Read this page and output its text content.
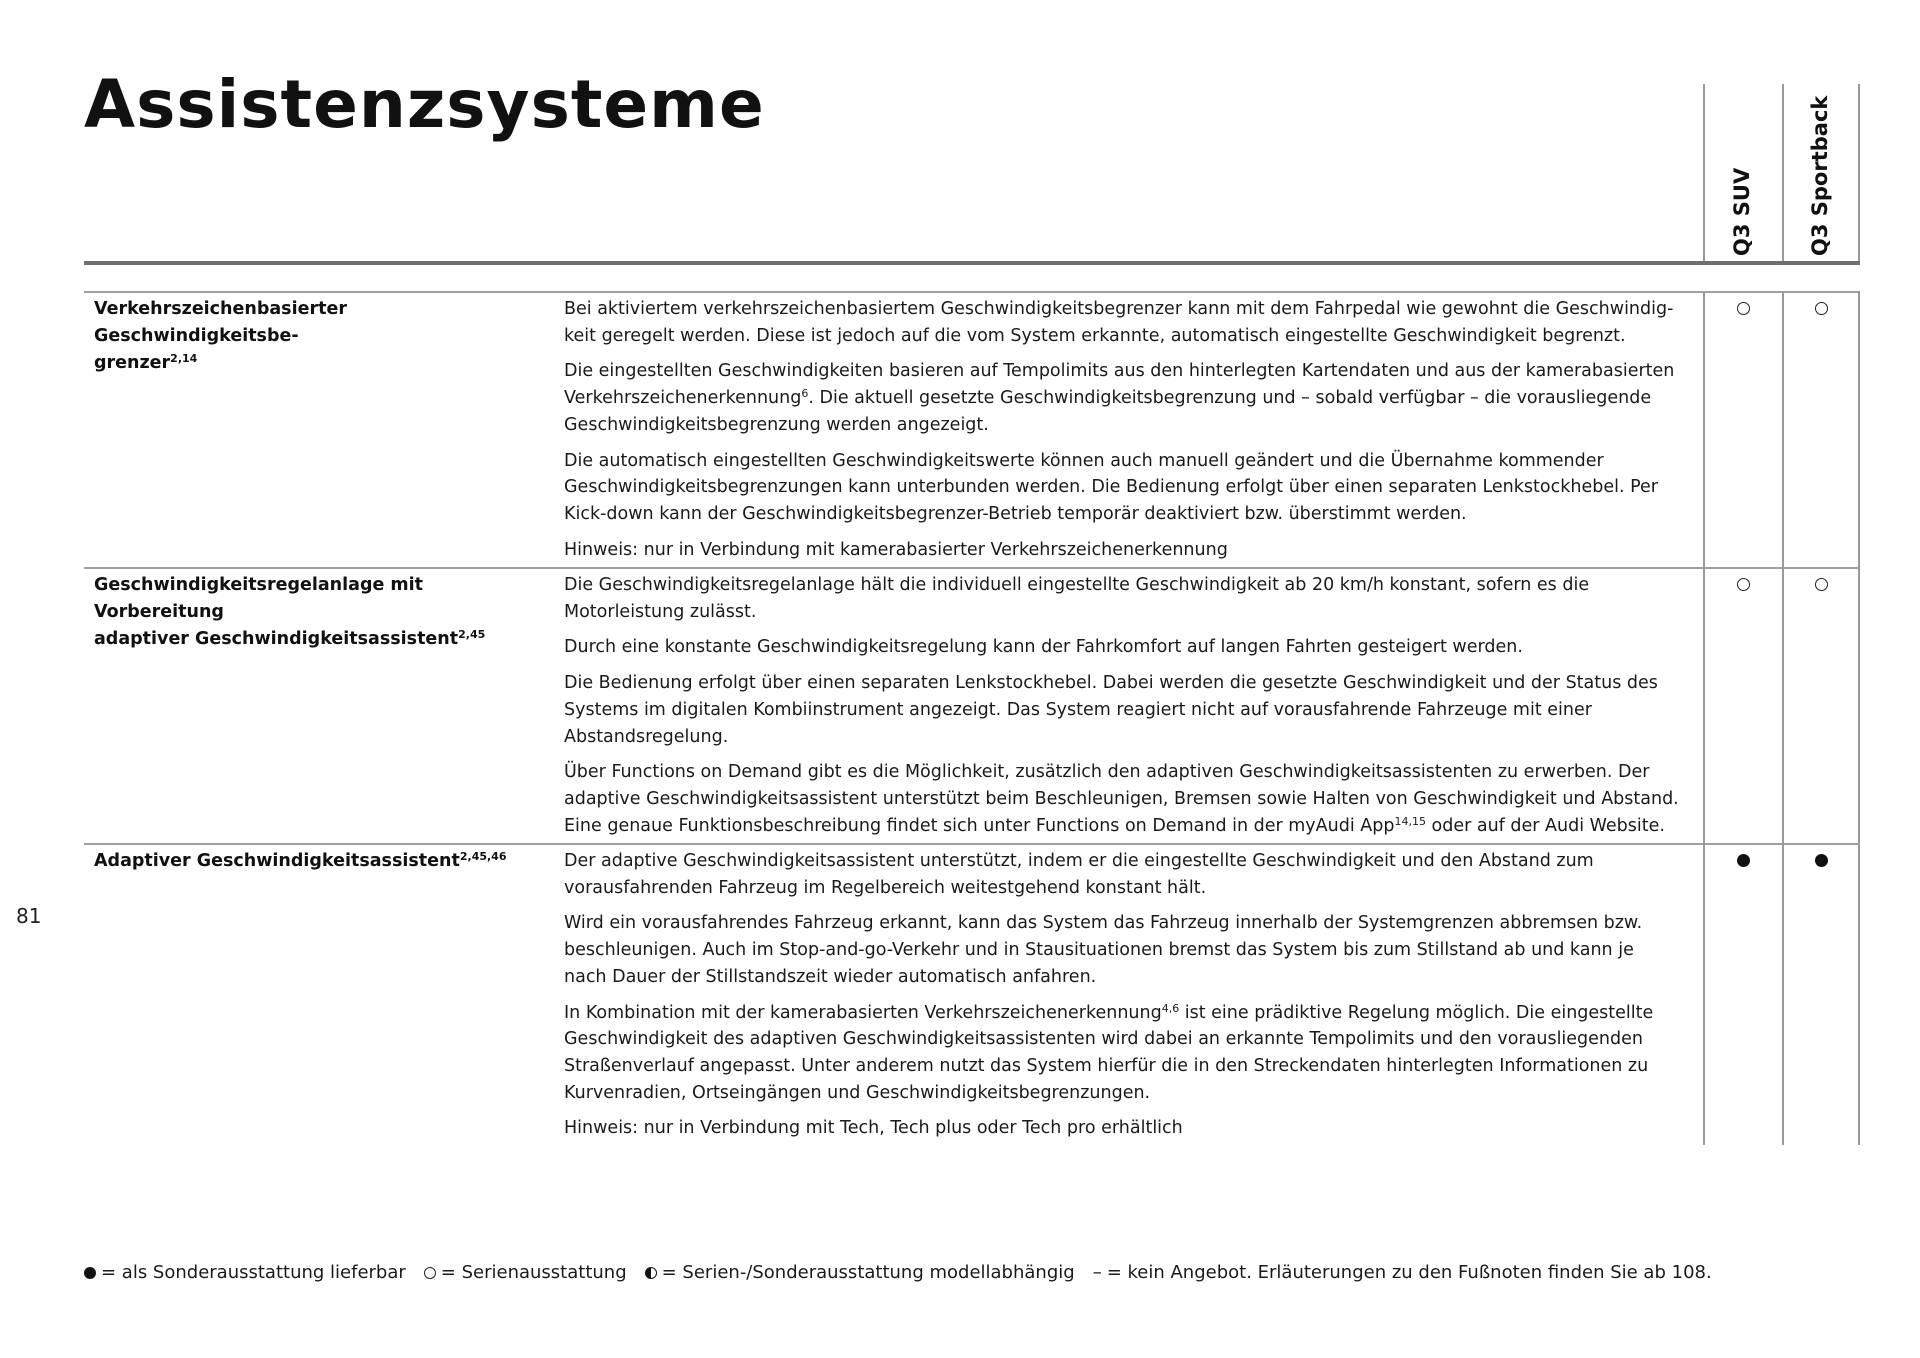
Assistenzsysteme
Q3 SUV	Q3 Sportback
Verkehrszeichenbasierter Geschwindigkeitsbe-
grenzer$^{2,14}$

Bei aktiviertem verkehrszeichenbasiertem Geschwindigkeitsbegrenzer kann mit dem Fahrpedal wie gewohnt die Geschwindig-keit geregelt werden. Diese ist jedoch auf die vom System erkannte, automatisch eingestellte Geschwindigkeit begrenzt.

Die eingestellten Geschwindigkeiten basieren auf Tempolimits aus den hinterlegten Kartendaten und aus der kamerabasierten Verkehrszeichenerkennung$^6$. Die aktuell gesetzte Geschwindigkeitsbegrenzung und – sobald verfügbar – die vorausliegende Geschwindigkeitsbegrenzung werden angezeigt.

Die automatisch eingestellten Geschwindigkeitswerte können auch manuell geändert und die Übernahme kommender Geschwindigkeitsbegrenzungen kann unterbunden werden. Die Bedienung erfolgt über einen separaten Lenkstockhebel. Per Kick-down kann der Geschwindigkeitsbegrenzer-Betrieb temporär deaktiviert bzw. überstimmt werden.

Hinweis: nur in Verbindung mit kamerabasierter Verkehrszeichenerkennung

Geschwindigkeitsregelanlage mit Vorbereitung
adaptiver Geschwindigkeitsassistent$^{2,45}$

Die Geschwindigkeitsregelanlage hält die individuell eingestellte Geschwindigkeit ab 20 km/h konstant, sofern es die Motorleistung zulässt.

Durch eine konstante Geschwindigkeitsregelung kann der Fahrkomfort auf langen Fahrten gesteigert werden.

Die Bedienung erfolgt über einen separaten Lenkstockhebel. Dabei werden die gesetzte Geschwindigkeit und der Status des Systems im digitalen Kombiinstrument angezeigt. Das System reagiert nicht auf vorausfahrende Fahrzeuge mit einer Abstandsregelung.

Über Functions on Demand gibt es die Möglichkeit, zusätzlich den adaptiven Geschwindigkeitsassistenten zu erwerben. Der adaptive Geschwindigkeitsassistent unterstützt beim Beschleunigen, Bremsen sowie Halten von Geschwindigkeit und Abstand. Eine genaue Funktionsbeschreibung findet sich unter Functions on Demand in der myAudi App$^{14,15}$ oder auf der Audi Website.

Adaptiver Geschwindigkeitsassistent$^{2,45,46}$	Der adaptive Geschwindigkeitsassistent unterstützt, indem er die eingestellte Geschwindigkeit und den Abstand zum vorausfahrenden Fahrzeug im Regelbereich weitestgehend konstant hält.

Wird ein vorausfahrendes Fahrzeug erkannt, kann das System das Fahrzeug innerhalb der Systemgrenzen abbremsen bzw. beschleunigen. Auch im Stop-and-go-Verkehr und in Stausituationen bremst das System bis zum Stillstand ab und kann je nach Dauer der Stillstandszeit wieder automatisch anfahren.

In Kombination mit der kamerabasierten Verkehrszeichenerkennung$^{4,6}$ ist eine prädiktive Regelung möglich. Die eingestellte Geschwindigkeit des adaptiven Geschwindigkeitsassistenten wird dabei an erkannte Tempolimits und den vorausliegenden Straßenverlauf angepasst. Unter anderem nutzt das System hierfür die in den Streckendaten hinterlegten Informationen zu Kurvenradien, Ortseingängen und Geschwindigkeitsbegrenzungen.

Hinweis: nur in Verbindung mit Tech, Tech plus oder Tech pro erhältlich

81
= als Sonderausstattung lieferbar = Serienausstattung = Serien-/Sonderausstattung modellabhängig – = kein Angebot. Erläuterungen zu den Fußnoten finden Sie ab 108.
